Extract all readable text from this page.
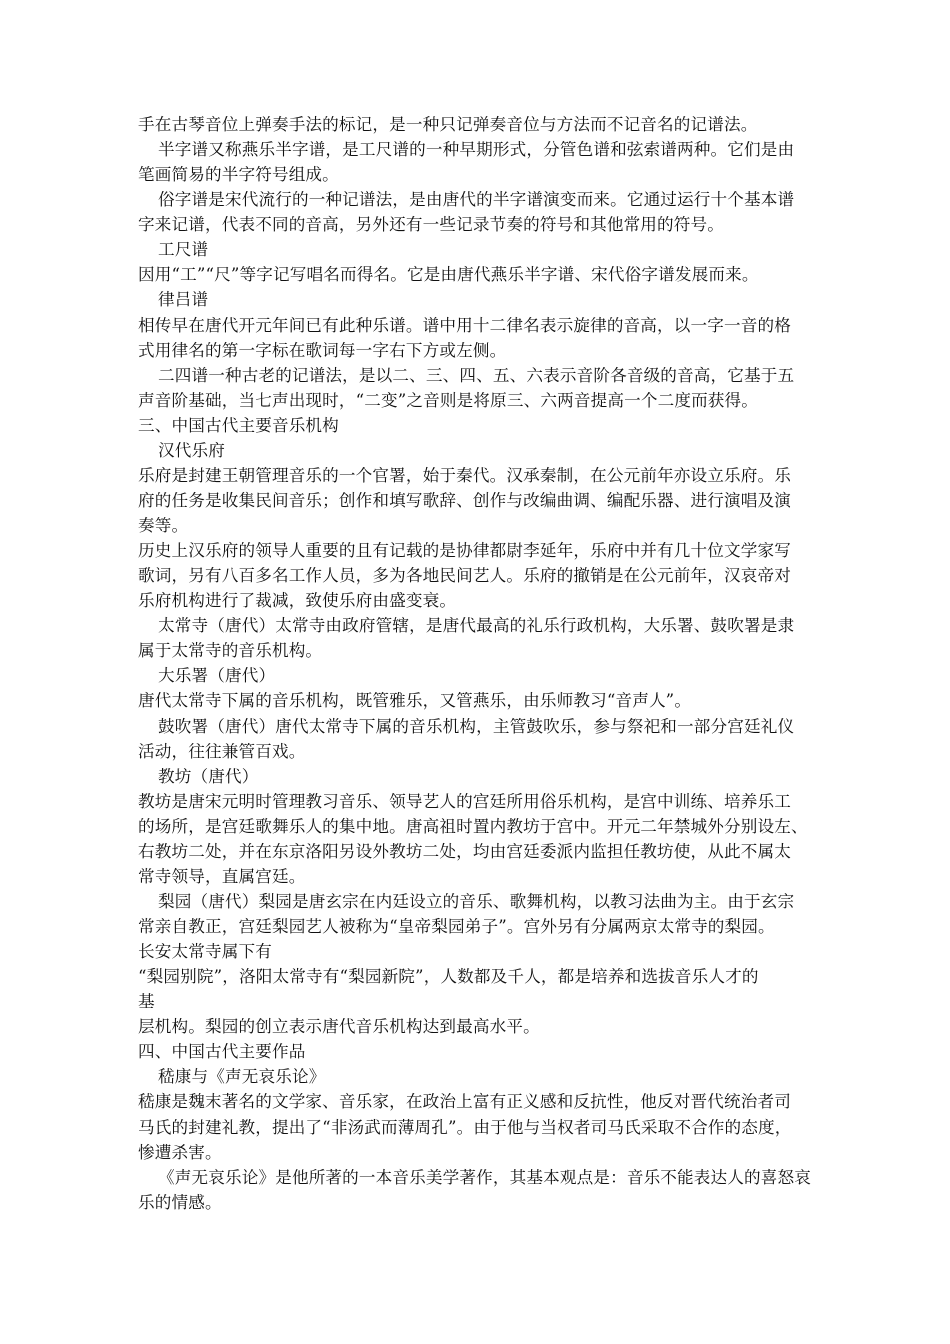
手在古琴音位上弹奏手法的标记，是一种只记弹奏音位与方法而不记音名的记谱法。
半字谱又称燕乐半字谱，是工尺谱的一种早期形式，分管色谱和弦索谱两种。它们是由
笔画简易的半字符号组成。
俗字谱是宋代流行的一种记谱法，是由唐代的半字谱演变而来。它通过运行十个基本谱
字来记谱，代表不同的音高，另外还有一些记录节奏的符号和其他常用的符号。
工尺谱
因用“工”“尺”等字记写唱名而得名。它是由唐代燕乐半字谱、宋代俗字谱发展而来。
律吕谱
相传早在唐代开元年间已有此种乐谱。谱中用十二律名表示旋律的音高，以一字一音的格
式用律名的第一字标在歌词每一字右下方或左侧。
二四谱一种古老的记谱法，是以二、三、四、五、六表示音阶各音级的音高，它基于五
声音阶基础，当七声出现时，“二变”之音则是将原三、六两音提高一个二度而获得。
三、中国古代主要音乐机构
汉代乐府
乐府是封建王朝管理音乐的一个官署，始于秦代。汉承秦制，在公元前年亦设立乐府。乐
府的任务是收集民间音乐；创作和填写歌辞、创作与改编曲调、编配乐器、进行演唱及演
奏等。
历史上汉乐府的领导人重要的且有记载的是协律都尉李延年，乐府中并有几十位文学家写
歌词，另有八百多名工作人员，多为各地民间艺人。乐府的撤销是在公元前年，汉哀帝对
乐府机构进行了裁减，致使乐府由盛变衰。
太常寺（唐代）太常寺由政府管辖，是唐代最高的礼乐行政机构，大乐署、鼓吹署是隶
属于太常寺的音乐机构。
大乐署（唐代）
唐代太常寺下属的音乐机构，既管雅乐，又管燕乐，由乐师教习“音声人”。
鼓吹署（唐代）唐代太常寺下属的音乐机构，主管鼓吹乐，参与祭祀和一部分宫廷礼仪
活动，往往兼管百戏。
教坊（唐代）
教坊是唐宋元明时管理教习音乐、领导艺人的宫廷所用俗乐机构，是宫中训练、培养乐工
的场所，是宫廷歌舞乐人的集中地。唐高祖时置内教坊于宫中。开元二年禁城外分别设左、
右教坊二处，并在东京洛阳另设外教坊二处，均由宫廷委派内监担任教坊使，从此不属太
常寺领导，直属宫廷。
梨园（唐代）梨园是唐玄宗在内廷设立的音乐、歌舞机构，以教习法曲为主。由于玄宗
常亲自教正，宫廷梨园艺人被称为“皇帝梨园弟子”。宫外另有分属两京太常寺的梨园。
长安太常寺属下有
“梨园别院”，洛阳太常寺有“梨园新院”，人数都及千人，都是培养和选拔音乐人才的
基
层机构。梨园的创立表示唐代音乐机构达到最高水平。
四、中国古代主要作品
嵇康与《声无哀乐论》
嵇康是魏末著名的文学家、音乐家，在政治上富有正义感和反抗性，他反对晋代统治者司
马氏的封建礼教，提出了“非汤武而薄周孔”。由于他与当权者司马氏采取不合作的态度，
惨遭杀害。
《声无哀乐论》是他所著的一本音乐美学著作，其基本观点是：音乐不能表达人的喜怒哀
乐的情感。
